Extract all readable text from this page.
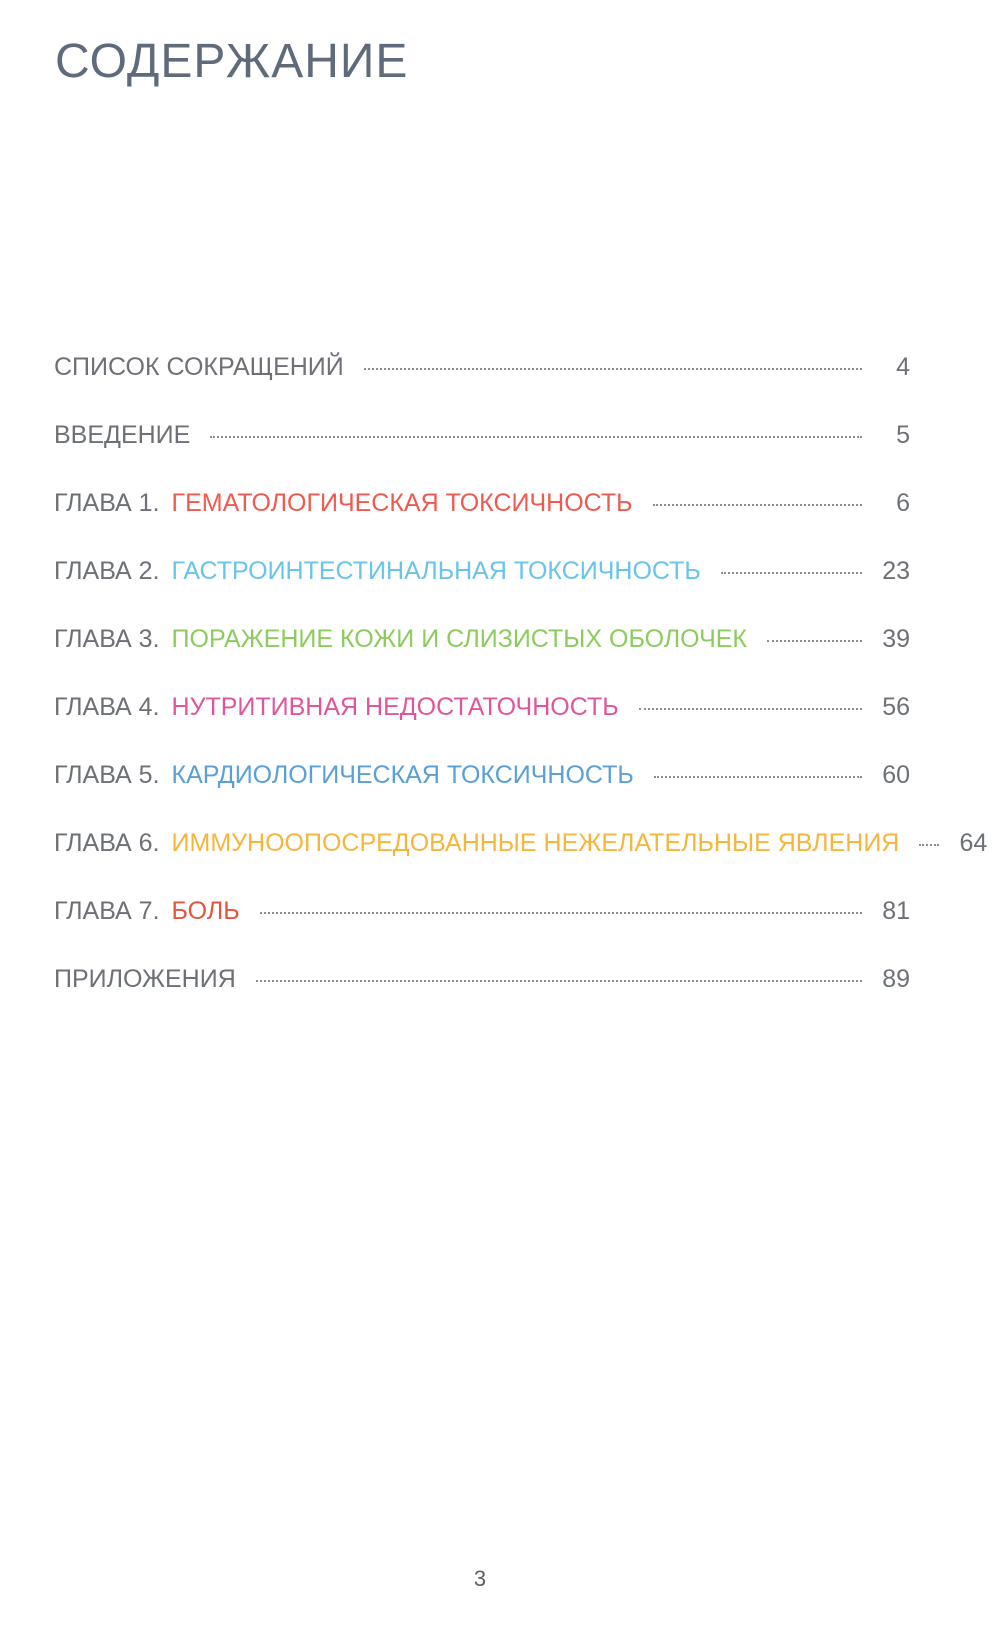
СОДЕРЖАНИЕ
СПИСОК СОКРАЩЕНИЙ	4
ВВЕДЕНИЕ	5
ГЛАВА 1. ГЕМАТОЛОГИЧЕСКАЯ ТОКСИЧНОСТЬ	6
ГЛАВА 2. ГАСТРОИНТЕСТИНАЛЬНАЯ ТОКСИЧНОСТЬ	23
ГЛАВА 3. ПОРАЖЕНИЕ КОЖИ И СЛИЗИСТЫХ ОБОЛОЧЕК	39
ГЛАВА 4. НУТРИТИВНАЯ НЕДОСТАТОЧНОСТЬ	56
ГЛАВА 5. КАРДИОЛОГИЧЕСКАЯ ТОКСИЧНОСТЬ	60
ГЛАВА 6. ИММУНООПОСРЕДОВАННЫЕ НЕЖЕЛАТЕЛЬНЫЕ ЯВЛЕНИЯ 64
ГЛАВА 7. БОЛЬ	81
ПРИЛОЖЕНИЯ	89
3
